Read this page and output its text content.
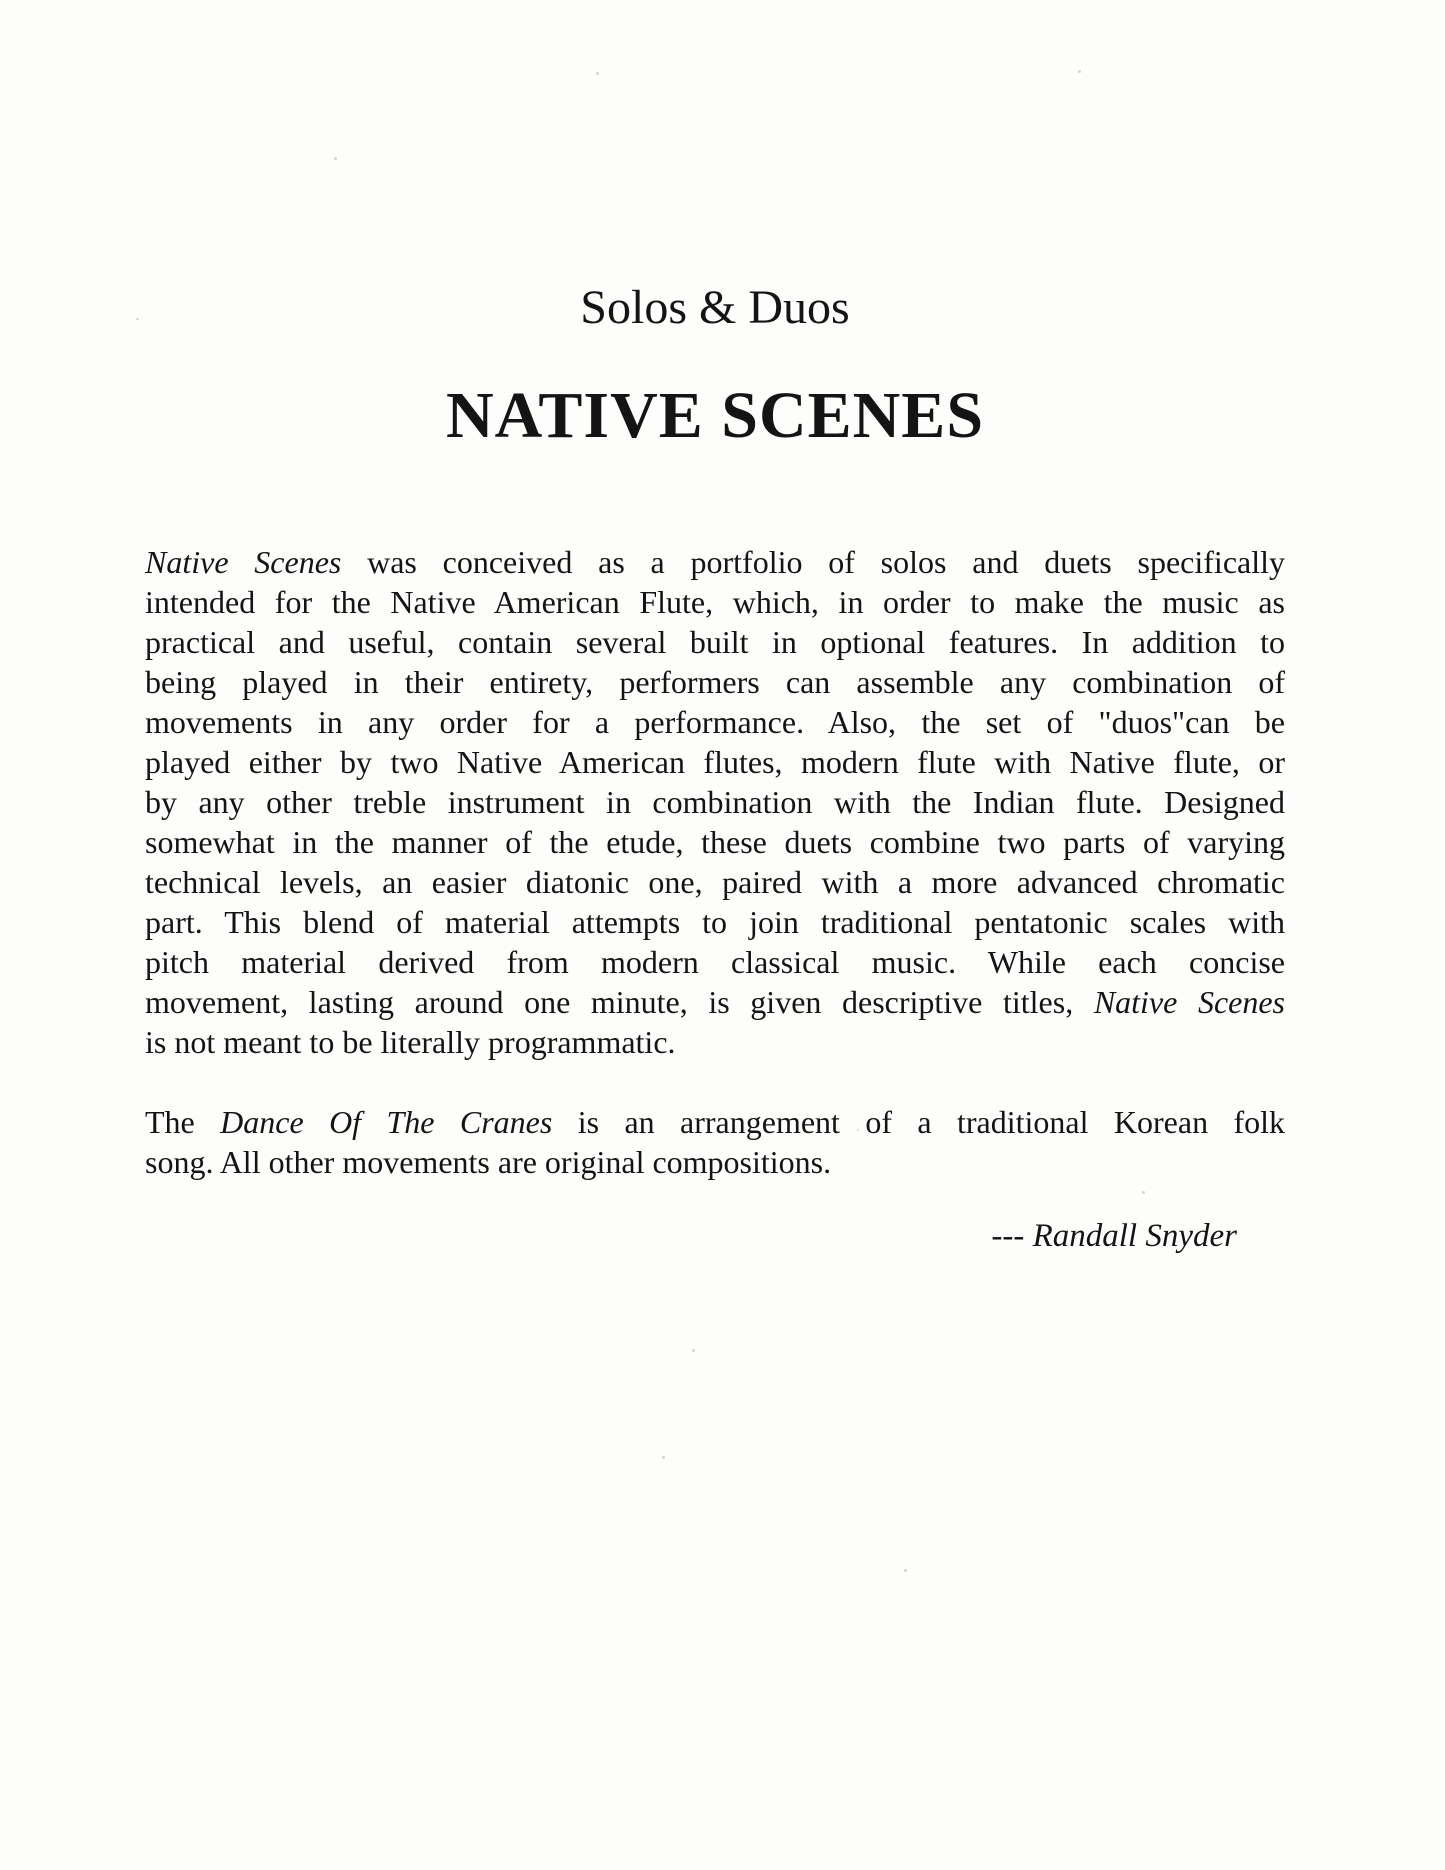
Solos & Duos
NATIVE SCENES
Native Scenes was conceived as a portfolio of solos and duets specifically
intended for the Native American Flute, which, in order to make the music as
practical and useful, contain several built in optional features. In addition to
being played in their entirety, performers can assemble any combination of
movements in any order for a performance. Also, the set of "duos"can be
played either by two Native American flutes, modern flute with Native flute, or
by any other treble instrument in combination with the Indian flute. Designed
somewhat in the manner of the etude, these duets combine two parts of varying
technical levels, an easier diatonic one, paired with a more advanced chromatic
part. This blend of material attempts to join traditional pentatonic scales with
pitch material derived from modern classical music. While each concise
movement, lasting around one minute, is given descriptive titles, Native Scenes
is not meant to be literally programmatic.
The Dance Of The Cranes is an arrangement of a traditional Korean folk
song. All other movements are original compositions.
--- Randall Snyder
